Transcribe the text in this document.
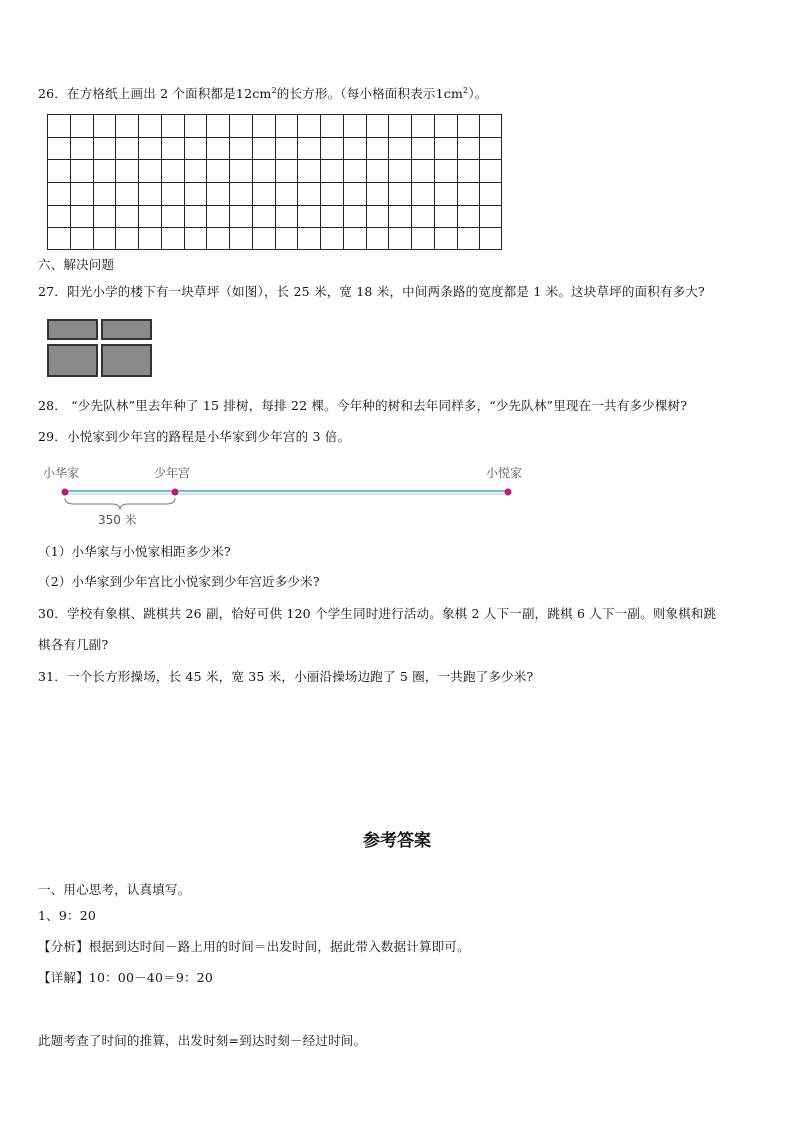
26．在方格纸上画出 2 个面积都是$12cm^2$的长方形。（每小格面积表示$1cm^2$）。
六、解决问题
27．阳光小学的楼下有一块草坪（如图），长 25 米，宽 18 米，中间两条路的宽度都是 1 米。这块草坪的面积有多大?
28． “少先队林”里去年种了 15 排树，每排 22 棵。今年种的树和去年同样多，“少先队林”里现在一共有多少棵树?
29．小悦家到少年宫的路程是小华家到少年宫的 3 倍。
小华家	少年宫	小悦家
350 米
（1）小华家与小悦家相距多少米?
（2）小华家到少年宫比小悦家到少年宫近多少米?
30．学校有象棋、跳棋共 26 副，恰好可供 120 个学生同时进行活动。象棋 2 人下一副，跳棋 6 人下一副。则象棋和跳
棋各有几副?
31．一个长方形操场，长 45 米，宽 35 米，小丽沿操场边跑了 5 圈，一共跑了多少米?
参考答案
一、用心思考，认真填写。
1、9：20
【分析】根据到达时间－路上用的时间＝出发时间，据此带入数据计算即可。
【详解】10：00－40＝9：20
此题考查了时间的推算，出发时刻=到达时刻－经过时间。
